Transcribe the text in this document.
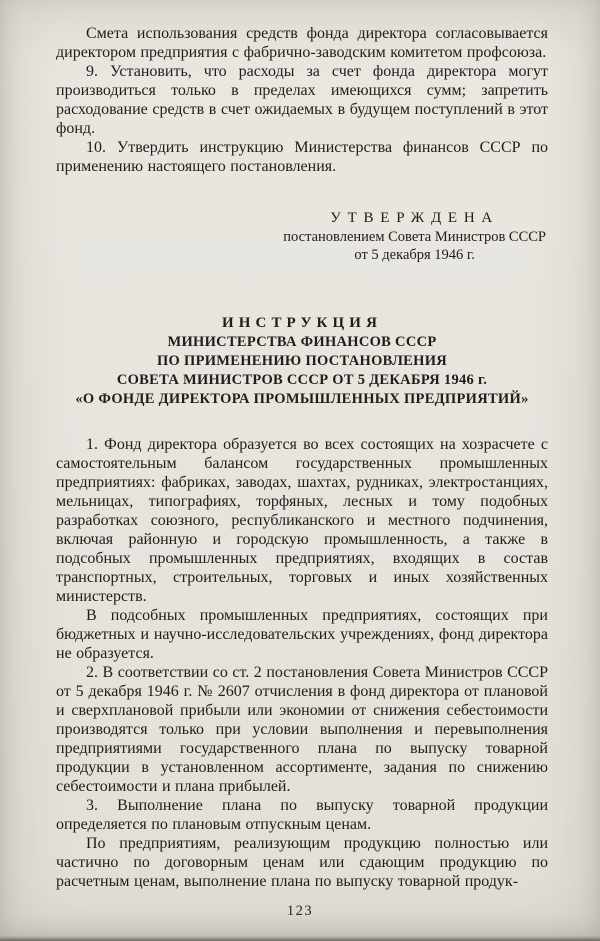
Смета использования средств фонда директора согласовывается директором предприятия с фабрично-заводским комитетом профсоюза.

9. Установить, что расходы за счет фонда директора могут производиться только в пределах имеющихся сумм; запретить расходование средств в счет ожидаемых в будущем поступлений в этот фонд.

10. Утвердить инструкцию Министерства финансов СССР по применению настоящего постановления.

УТВЕРЖДЕНА
постановлением Совета Министров СССР
от 5 декабря 1946 г.
ИНСТРУКЦИЯ
МИНИСТЕРСТВА ФИНАНСОВ СССР
ПО ПРИМЕНЕНИЮ ПОСТАНОВЛЕНИЯ
СОВЕТА МИНИСТРОВ СССР ОТ 5 ДЕКАБРЯ 1946 г.
«О ФОНДЕ ДИРЕКТОРА ПРОМЫШЛЕННЫХ ПРЕДПРИЯТИЙ»

1. Фонд директора образуется во всех состоящих на хозрасчете с самостоятельным балансом государственных промышленных предприятиях: фабриках, заводах, шахтах, рудниках, электростанциях, мельницах, типографиях, торфяных, лесных и тому подобных разработках союзного, республиканского и местного подчинения, включая районную и городскую промышленность, а также в подсобных промышленных предприятиях, входящих в состав транспортных, строительных, торговых и иных хозяйственных министерств.

В подсобных промышленных предприятиях, состоящих при бюджетных и научно-исследовательских учреждениях, фонд директора не образуется.

2. В соответствии со ст. 2 постановления Совета Министров СССР от 5 декабря 1946 г. № 2607 отчисления в фонд директора от плановой и сверхплановой прибыли или экономии от снижения себестоимости производятся только при условии выполнения и перевыполнения предприятиями государственного плана по выпуску товарной продукции в установленном ассортименте, задания по снижению себестоимости и плана прибылей.

3. Выполнение плана по выпуску товарной продукции определяется по плановым отпускным ценам.

По предприятиям, реализующим продукцию полностью или частично по договорным ценам или сдающим продукцию по расчетным ценам, выполнение плана по выпуску товарной продук-

123
